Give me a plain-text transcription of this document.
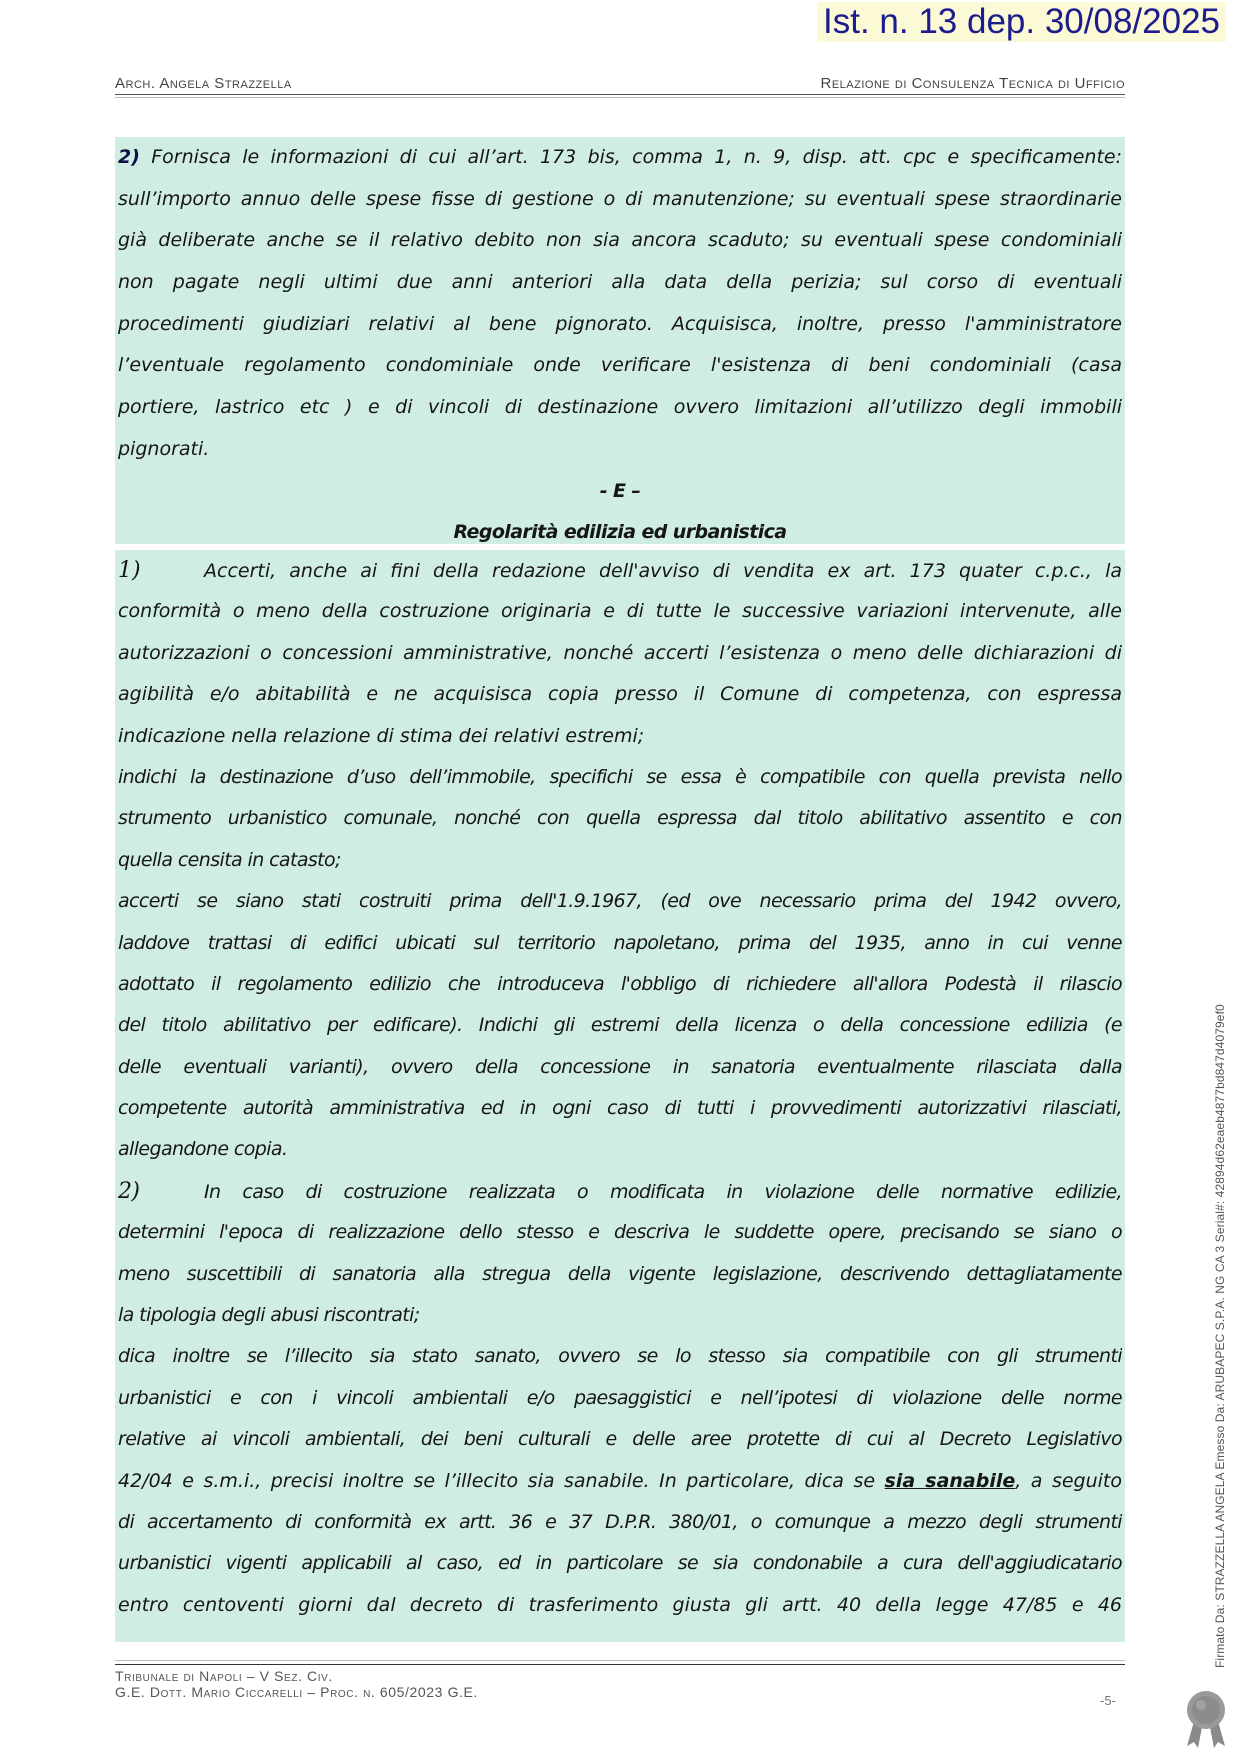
Ist. n. 13 dep. 30/08/2025
Arch. Angela Strazzella	Relazione di Consulenza Tecnica di Ufficio
2) Fornisca le informazioni di cui all’art. 173 bis, comma 1, n. 9, disp. att. cpc e specificamente:
sull’importo annuo delle spese fisse di gestione o di manutenzione; su eventuali spese straordinarie
già deliberate anche se il relativo debito non sia ancora scaduto; su eventuali spese condominiali
non pagate negli ultimi due anni anteriori alla data della perizia; sul corso di eventuali
procedimenti giudiziari relativi al bene pignorato. Acquisisca, inoltre, presso l'amministratore
l’eventuale regolamento condominiale onde verificare l'esistenza di beni condominiali (casa
portiere, lastrico etc ) e di vincoli di destinazione ovvero limitazioni all’utilizzo degli immobili
pignorati.
- E –
Regolarità edilizia ed urbanistica
1)	Accerti, anche ai fini della redazione dell'avviso di vendita ex art. 173 quater c.p.c., la
conformità o meno della costruzione originaria e di tutte le successive variazioni intervenute, alle
autorizzazioni o concessioni amministrative, nonché accerti l’esistenza o meno delle dichiarazioni di
agibilità e/o abitabilità e ne acquisisca copia presso il Comune di competenza, con espressa
indicazione nella relazione di stima dei relativi estremi;
indichi la destinazione d’uso dell’immobile, specifichi se essa è compatibile con quella prevista nello
strumento urbanistico comunale, nonché con quella espressa dal titolo abilitativo assentito e con
quella censita in catasto;
accerti se siano stati costruiti prima dell'1.9.1967, (ed ove necessario prima del 1942 ovvero,
laddove trattasi di edifici ubicati sul territorio napoletano, prima del 1935, anno in cui venne
adottato il regolamento edilizio che introduceva l'obbligo di richiedere all'allora Podestà il rilascio
del titolo abilitativo per edificare). Indichi gli estremi della licenza o della concessione edilizia (e
delle eventuali varianti), ovvero della concessione in sanatoria eventualmente rilasciata dalla
competente autorità amministrativa ed in ogni caso di tutti i provvedimenti autorizzativi rilasciati,
allegandone copia.
2)	In caso di costruzione realizzata o modificata in violazione delle normative edilizie,
determini l'epoca di realizzazione dello stesso e descriva le suddette opere, precisando se siano o
meno suscettibili di sanatoria alla stregua della vigente legislazione, descrivendo dettagliatamente
la tipologia degli abusi riscontrati;
dica inoltre se l’illecito sia stato sanato, ovvero se lo stesso sia compatibile con gli strumenti
urbanistici e con i vincoli ambientali e/o paesaggistici e nell’ipotesi di violazione delle norme
relative ai vincoli ambientali, dei beni culturali e delle aree protette di cui al Decreto Legislativo
42/04 e s.m.i., precisi inoltre se l’illecito sia sanabile. In particolare, dica se sia sanabile, a seguito
di accertamento di conformità ex artt. 36 e 37 D.P.R. 380/01, o comunque a mezzo degli strumenti
urbanistici vigenti applicabili al caso, ed in particolare se sia condonabile a cura dell'aggiudicatario
entro centoventi giorni dal decreto di trasferimento giusta gli artt. 40 della legge 47/85 e 46
Tribunale di Napoli – V Sez. Civ.
G.E. Dott. Mario Ciccarelli – Proc. n. 605/2023 G.E.
-5-
Firmato Da: STRAZZELLA ANGELA Emesso Da: ARUBAPEC S.P.A. NG CA 3 Serial#: 42894d62eaeb4877bd847d4079ef0
